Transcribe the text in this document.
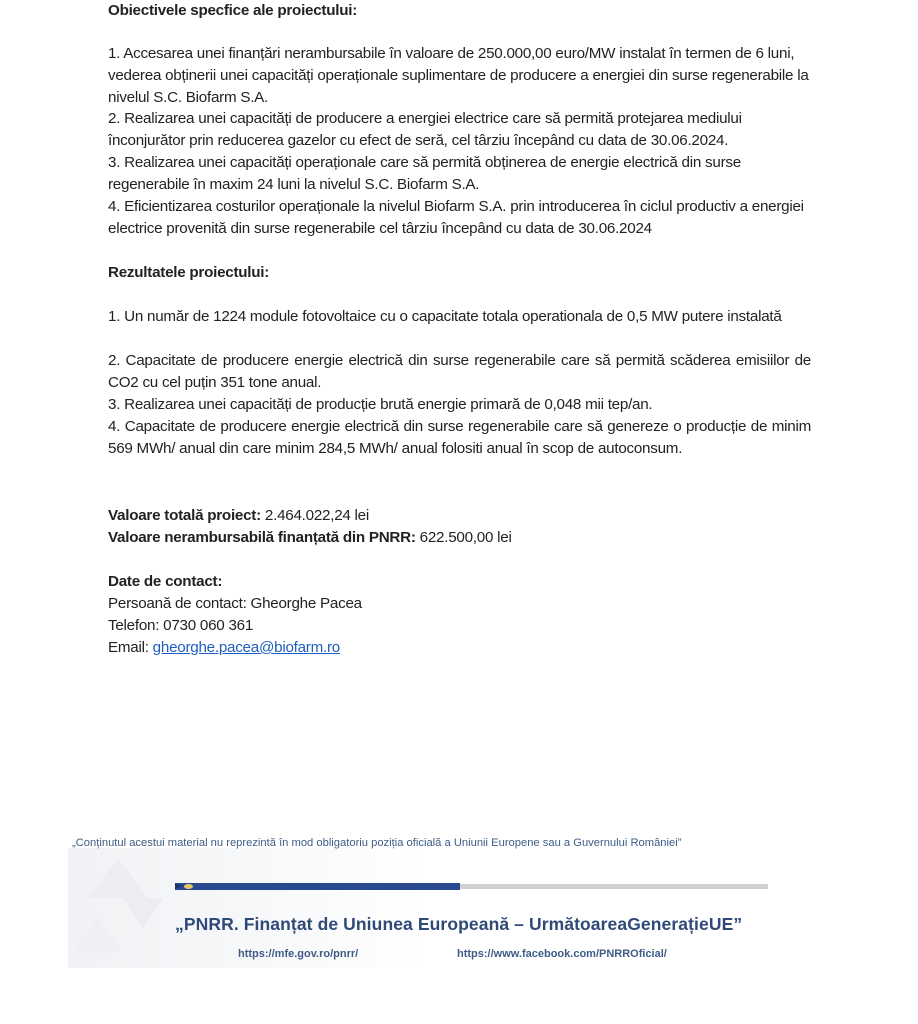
Obiectivele specfice ale proiectului:

1. Accesarea unei finanțări nerambursabile în valoare de 250.000,00 euro/MW instalat în termen de 6 luni, vederea obținerii unei capacități operaționale suplimentare de producere a energiei din surse regenerabile la nivelul S.C. Biofarm S.A.

2. Realizarea unei capacități de producere a energiei electrice care să permită protejarea mediului înconjurător prin reducerea gazelor cu efect de seră, cel târziu începând cu data de 30.06.2024.

3. Realizarea unei capacități operaționale care să permită obținerea de energie electrică din surse regenerabile în maxim 24 luni la nivelul S.C. Biofarm S.A.

4. Eficientizarea costurilor operaționale la nivelul Biofarm S.A. prin introducerea în ciclul productiv a energiei electrice provenită din surse regenerabile cel târziu începând cu data de 30.06.2024

Rezultatele proiectului:

1. Un număr de 1224 module fotovoltaice cu o capacitate totala operationala de 0,5 MW putere instalată

2. Capacitate de producere energie electrică din surse regenerabile care să permită scăderea emisiilor de CO2 cu cel puțin 351 tone anual.

3. Realizarea unei capacități de producție brută energie primară de 0,048 mii tep/an.

4. Capacitate de producere energie electrică din surse regenerabile care să genereze o producție de minim 569 MWh/ anual din care minim 284,5 MWh/ anual folositi anual în scop de autoconsum.

Valoare totală proiect: 2.464.022,24 lei

Valoare nerambursabilă finanțată din PNRR: 622.500,00 lei

Date de contact:

Persoană de contact: Gheorghe Pacea

Telefon: 0730 060 361

Email: gheorghe.pacea@biofarm.ro

„Conținutul acestui material nu reprezintă în mod obligatoriu poziția oficială a Uniunii Europene sau a Guvernului României”
„PNRR. Finanțat de Uniunea Europeană – UrmătoareaGenerațieUE”
https://mfe.gov.ro/pnrr/	https://www.facebook.com/PNRROficial/
